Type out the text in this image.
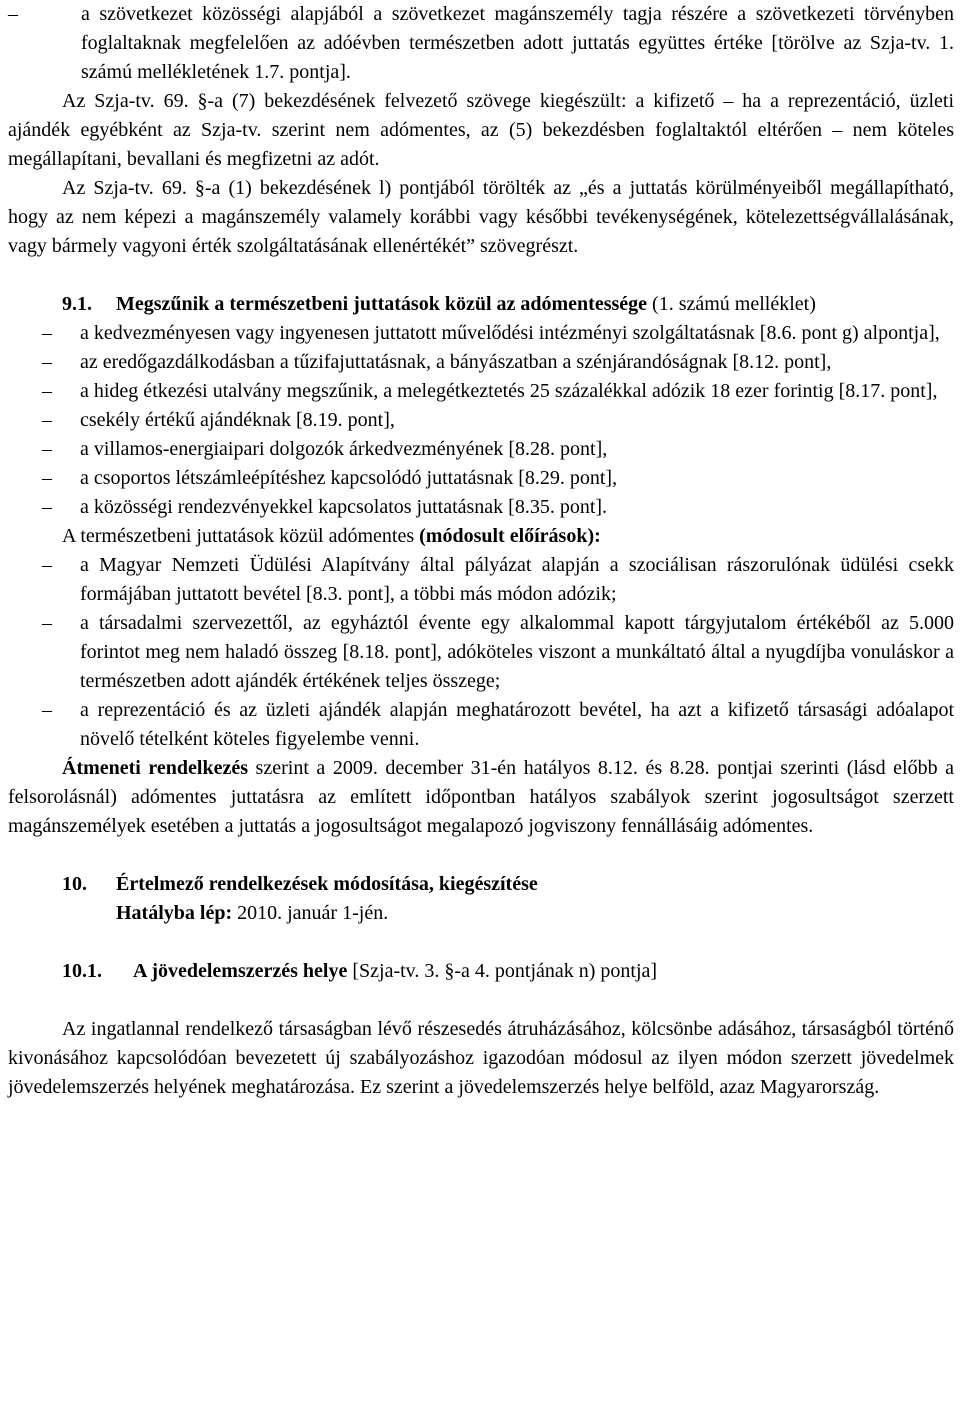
–	a szövetkezet közösségi alapjából a szövetkezet magánszemély tagja részére a szövetkezeti törvényben foglaltaknak megfelelően az adóévben természetben adott juttatás együttes értéke [törölve az Szja-tv. 1. számú mellékletének 1.7. pontja].

Az Szja-tv. 69. §-a (7) bekezdésének felvezető szövege kiegészült: a kifizető – ha a reprezentáció, üzleti ajándék egyébként az Szja-tv. szerint nem adómentes, az (5) bekezdésben foglaltaktól eltérően – nem köteles megállapítani, bevallani és megfizetni az adót.

Az Szja-tv. 69. §-a (1) bekezdésének l) pontjából törölték az „és a juttatás körülményeiből megállapítható, hogy az nem képezi a magánszemély valamely korábbi vagy későbbi tevékenységének, kötelezettségvállalásának, vagy bármely vagyoni érték szolgáltatásának ellenértékét” szövegrészt.

9.1. Megszűnik a természetbeni juttatások közül az adómentessége (1. számú melléklet)

– a kedvezményesen vagy ingyenesen juttatott művelődési intézményi szolgáltatásnak [8.6. pont g) alpontja],

– az eredőgazdálkodásban a tűzifajuttatásnak, a bányászatban a szénjárandóságnak [8.12. pont],

– a hideg étkezési utalvány megszűnik, a melegétkeztetés 25 százalékkal adózik 18 ezer forintig [8.17. pont],

– csekély értékű ajándéknak [8.19. pont],

– a villamos-energiaipari dolgozók árkedvezményének [8.28. pont],

– a csoportos létszámleépítéshez kapcsolódó juttatásnak [8.29. pont],

– a közösségi rendezvényekkel kapcsolatos juttatásnak [8.35. pont].

A természetbeni juttatások közül adómentes (módosult előírások):

– a Magyar Nemzeti Üdülési Alapítvány által pályázat alapján a szociálisan rászorulónak üdülési csekk formájában juttatott bevétel [8.3. pont], a többi más módon adózik;

– a társadalmi szervezettől, az egyháztól évente egy alkalommal kapott tárgyjutalom értékéből az 5.000 forintot meg nem haladó összeg [8.18. pont], adóköteles viszont a munkáltató által a nyugdíjba vonuláskor a természetben adott ajándék értékének teljes összege;

– a reprezentáció és az üzleti ajándék alapján meghatározott bevétel, ha azt a kifizető társasági adóalapot növelő tételként köteles figyelembe venni.

Átmeneti rendelkezés szerint a 2009. december 31-én hatályos 8.12. és 8.28. pontjai szerinti (lásd előbb a felsorolásnál) adómentes juttatásra az említett időpontban hatályos szabályok szerint jogosultságot szerzett magánszemélyek esetében a juttatás a jogosultságot megalapozó jogviszony fennállásáig adómentes.

10. Értelmező rendelkezések módosítása, kiegészítése
Hatályba lép: 2010. január 1-jén.
10.1. A jövedelemszerzés helye [Szja-tv. 3. §-a 4. pontjának n) pontja]

Az ingatlannal rendelkező társaságban lévő részesedés átruházásához, kölcsönbe adásához, társaságból történő kivonásához kapcsolódóan bevezetett új szabályozáshoz igazodóan módosul az ilyen módon szerzett jövedelmek jövedelemszerzés helyének meghatározása. Ez szerint a jövedelemszerzés helye belföld, azaz Magyarország.
